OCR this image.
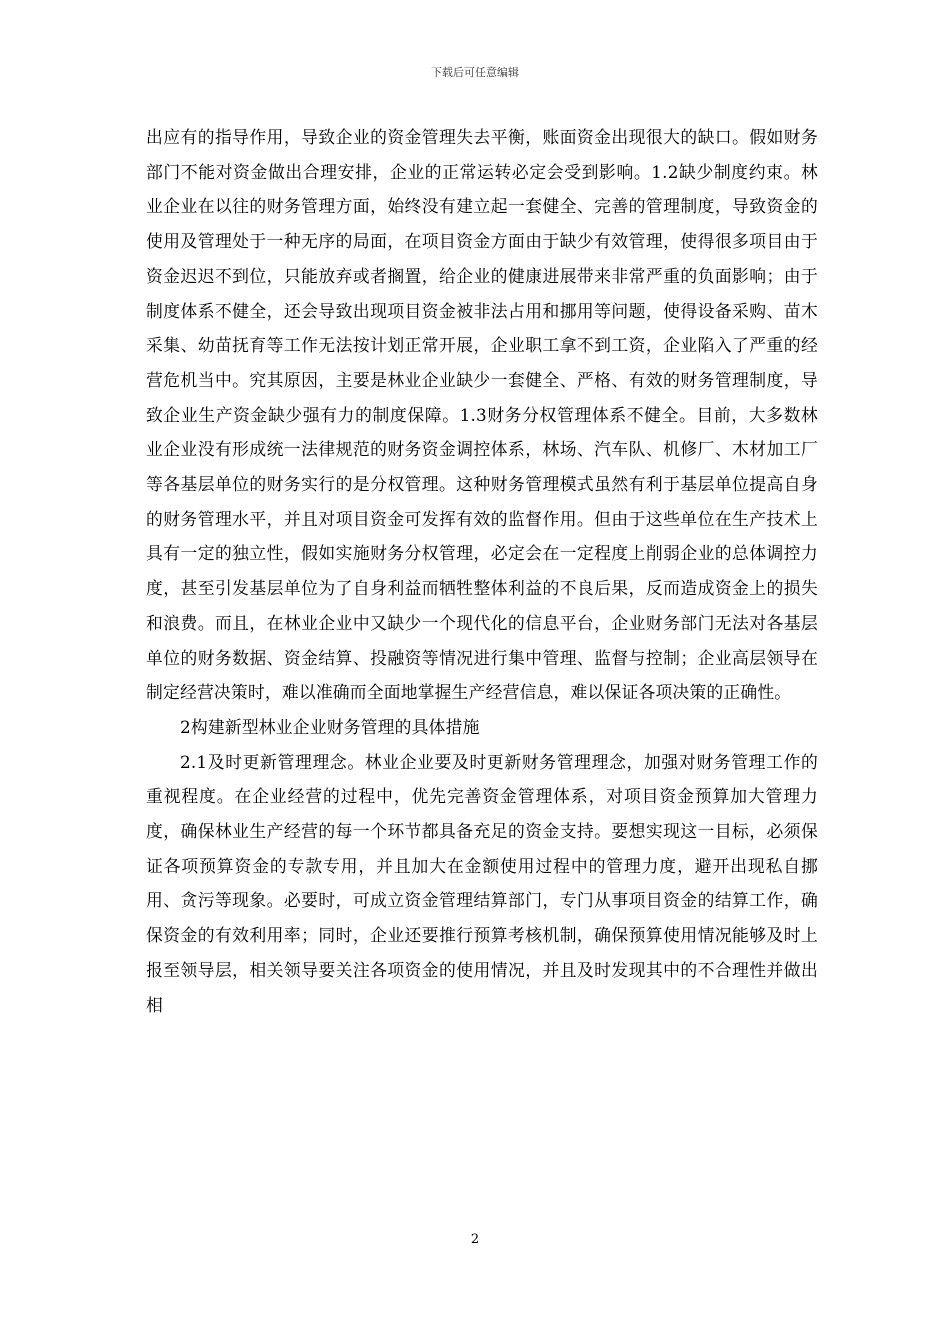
下载后可任意编辑

出应有的指导作用，导致企业的资金管理失去平衡，账面资金出现很大的缺口。假如财务部门不能对资金做出合理安排，企业的正常运转必定会受到影响。1.2缺少制度约束。林业企业在以往的财务管理方面，始终没有建立起一套健全、完善的管理制度，导致资金的使用及管理处于一种无序的局面，在项目资金方面由于缺少有效管理，使得很多项目由于资金迟迟不到位，只能放弃或者搁置，给企业的健康进展带来非常严重的负面影响；由于制度体系不健全，还会导致出现项目资金被非法占用和挪用等问题，使得设备采购、苗木采集、幼苗抚育等工作无法按计划正常开展，企业职工拿不到工资，企业陷入了严重的经营危机当中。究其原因，主要是林业企业缺少一套健全、严格、有效的财务管理制度，导致企业生产资金缺少强有力的制度保障。1.3财务分权管理体系不健全。目前，大多数林业企业没有形成统一法律规范的财务资金调控体系，林场、汽车队、机修厂、木材加工厂等各基层单位的财务实行的是分权管理。这种财务管理模式虽然有利于基层单位提高自身的财务管理水平，并且对项目资金可发挥有效的监督作用。但由于这些单位在生产技术上具有一定的独立性，假如实施财务分权管理，必定会在一定程度上削弱企业的总体调控力度，甚至引发基层单位为了自身利益而牺牲整体利益的不良后果，反而造成资金上的损失和浪费。而且，在林业企业中又缺少一个现代化的信息平台，企业财务部门无法对各基层单位的财务数据、资金结算、投融资等情况进行集中管理、监督与控制；企业高层领导在制定经营决策时，难以准确而全面地掌握生产经营信息，难以保证各项决策的正确性。

2构建新型林业企业财务管理的具体措施

2.1及时更新管理理念。林业企业要及时更新财务管理理念，加强对财务管理工作的重视程度。在企业经营的过程中，优先完善资金管理体系，对项目资金预算加大管理力度，确保林业生产经营的每一个环节都具备充足的资金支持。要想实现这一目标，必须保证各项预算资金的专款专用，并且加大在金额使用过程中的管理力度，避开出现私自挪用、贪污等现象。必要时，可成立资金管理结算部门，专门从事项目资金的结算工作，确保资金的有效利用率；同时，企业还要推行预算考核机制，确保预算使用情况能够及时上报至领导层，相关领导要关注各项资金的使用情况，并且及时发现其中的不合理性并做出相

2
